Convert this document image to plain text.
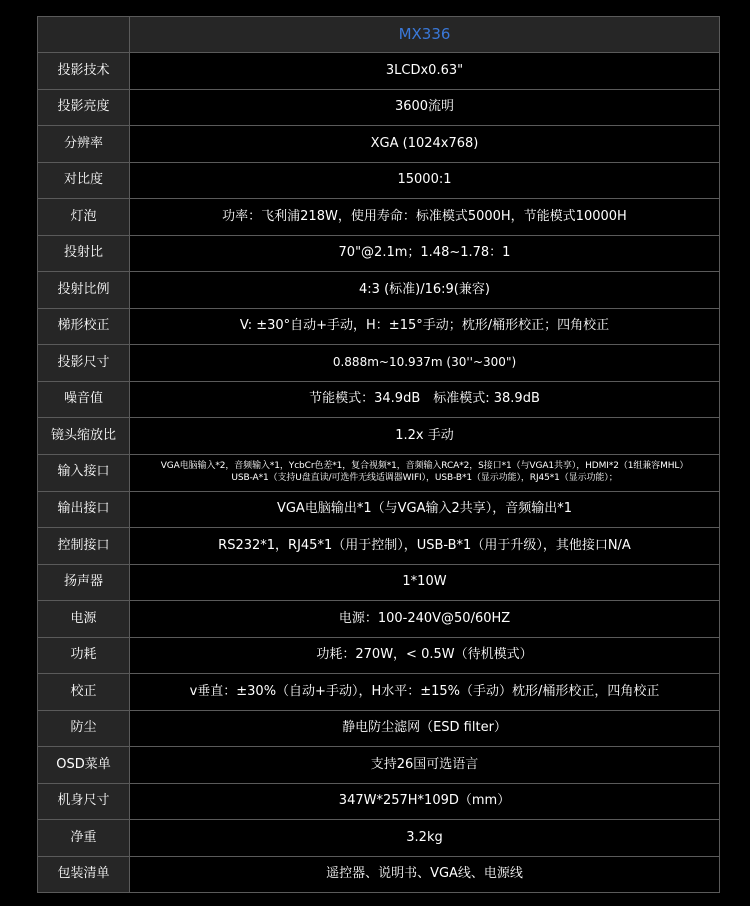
	MX336
投影技术	3LCDx0.63"
投影亮度	3600流明
分辨率	XGA (1024x768)
对比度	15000:1
灯泡	功率：飞利浦218W，使用寿命：标准模式5000H，节能模式10000H
投射比	70"@2.1m；1.48~1.78：1
投射比例	4:3 (标准)/16:9(兼容)
梯形校正	V: ±30°自动+手动，H：±15°手动；枕形/桶形校正；四角校正
投影尺寸	0.888m~10.937m (30''~300")
噪音值	节能模式：34.9dB　标准模式: 38.9dB
镜头缩放比	1.2x 手动
输入接口	VGA电脑输入*2，音频输入*1，YcbCr色差*1，复合视频*1，音频输入RCA*2，S接口*1（与VGA1共享），HDMI*2（1组兼容MHL）
USB-A*1（支持U盘直读/可选件无线适调器WIFI），USB-B*1（显示功能），RJ45*1（显示功能）；

输出接口	VGA电脑输出*1（与VGA输入2共享），音频输出*1
控制接口	RS232*1，RJ45*1（用于控制），USB-B*1（用于升级），其他接口N/A
扬声器	1*10W
电源	电源：100-240V@50/60HZ
功耗	功耗：270W，< 0.5W（待机模式）
校正	v垂直：±30%（自动+手动），H水平：±15%（手动）枕形/桶形校正，四角校正
防尘	静电防尘滤网（ESD filter）
OSD菜单	支持26国可选语言
机身尺寸	347W*257H*109D（mm）
净重	3.2kg
包装清单	遥控器、说明书、VGA线、电源线
